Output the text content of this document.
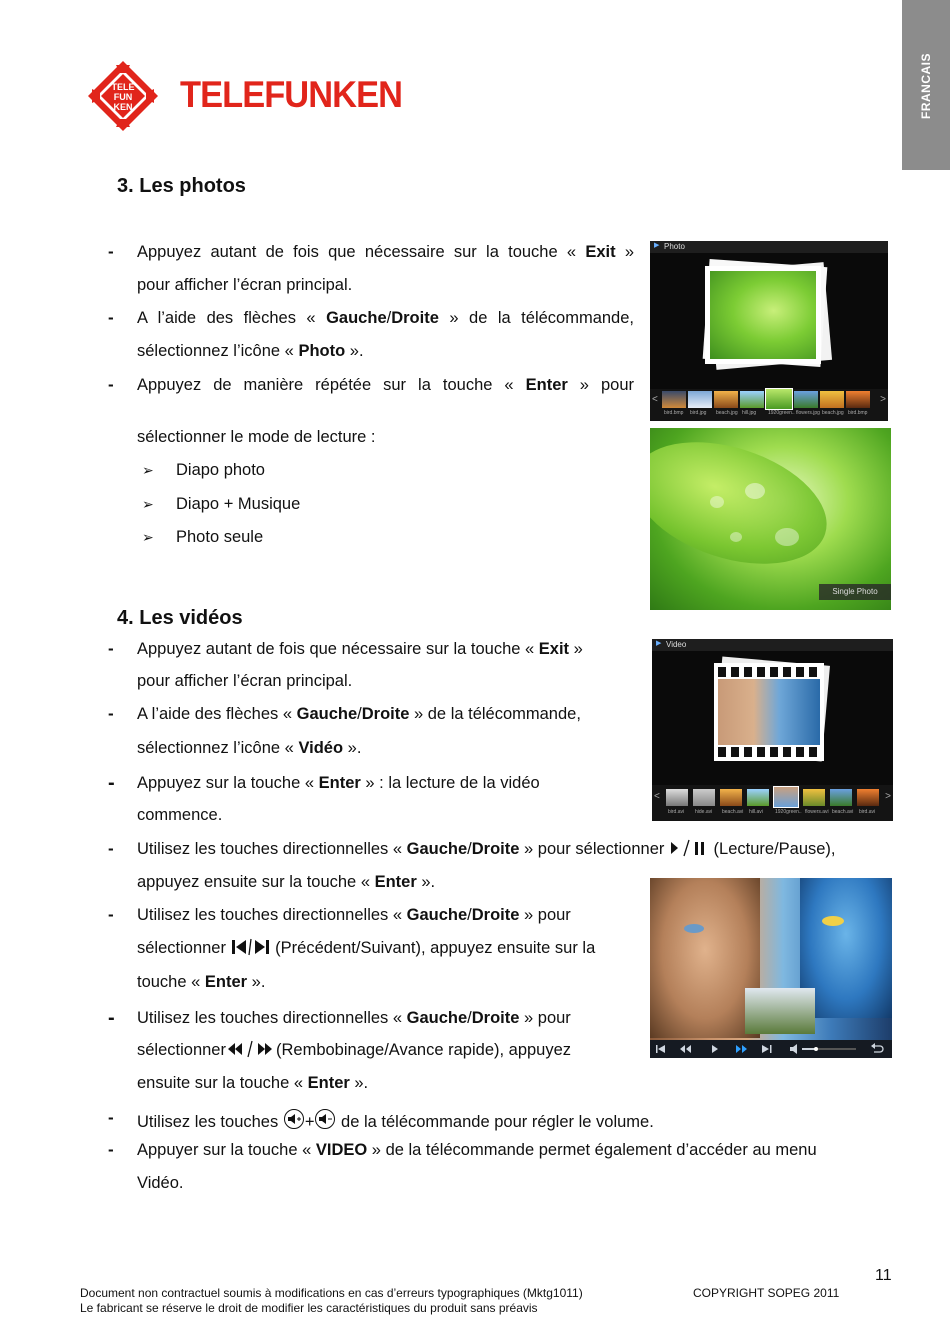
FRANCAIS
TELE
FUN
KEN TELEFUNKEN
3. Les photos
- Appuyez autant de fois que nécessaire sur la touche « Exit »
pour afficher l’écran principal.
- A l’aide des flèches « Gauche/Droite » de la télécommande,
sélectionnez l’icône « Photo ».
- Appuyez de manière répétée sur la touche « Enter » pour
sélectionner le mode de lecture :
➢ Diapo photo
➢ Diapo + Musique
➢ Photo seule
▶ Photo
<	>
bird.bmp bird.jpg beach.jpg hill.jpg 1920green.. flowers.jpg beach.jpg bird.bmp
Single Photo
4. Les vidéos
- Appuyez autant de fois que nécessaire sur la touche « Exit »
pour afficher l’écran principal.
- A l’aide des flèches « Gauche/Droite » de la télécommande,
sélectionnez l’icône « Vidéo ».
- Appuyez sur la touche « Enter » : la lecture de la vidéo
commence.
- Utilisez les touches directionnelles « Gauche/Droite » pour sélectionner  (Lecture/Pause),
appuyez ensuite sur la touche « Enter ».
- Utilisez les touches directionnelles « Gauche/Droite » pour
sélectionner  (Précédent/Suivant), appuyez ensuite sur la
touche « Enter ».
- Utilisez les touches directionnelles « Gauche/Droite » pour
sélectionner	(Rembobinage/Avance rapide), appuyez
ensuite sur la touche « Enter ».
- Utilisez les touches + de la télécommande pour régler le volume.
- Appuyer sur la touche « VIDEO » de la télécommande permet également d’accéder au menu
Vidéo.
▶ Video
<	>
bird.avi hide.avi beach.avi hill.avi 1920green.. flowers.avi beach.avi bird.avi
11
Document non contractuel soumis à modifications en cas d’erreurs typographiques (Mktg1011)
Le fabricant se réserve le droit de modifier les caractéristiques du produit sans préavis
COPYRIGHT SOPEG 2011
